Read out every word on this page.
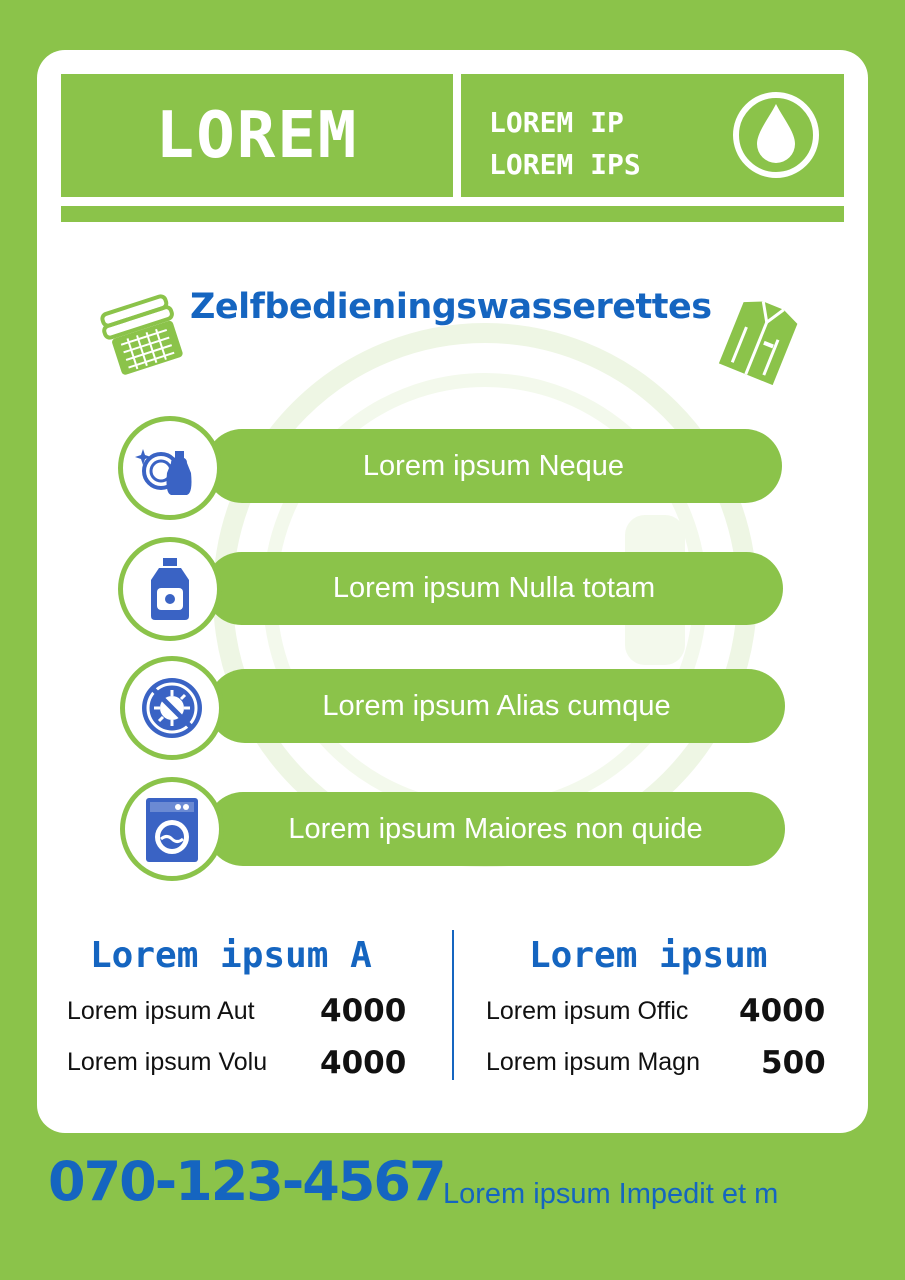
LOREM	LOREM IP
LOREM IPS
Zelfbedieningswasserettes
Lorem ipsum Neque
Lorem ipsum Nulla totam
Lorem ipsum Alias cumque
Lorem ipsum Maiores non quide
Lorem ipsum A
Lorem ipsum Aut 4000
Lorem ipsum Volu 4000
Lorem ipsum
Lorem ipsum Offic 4000
Lorem ipsum Magn 500
070-123-4567
Lorem ipsum Impedit et m
